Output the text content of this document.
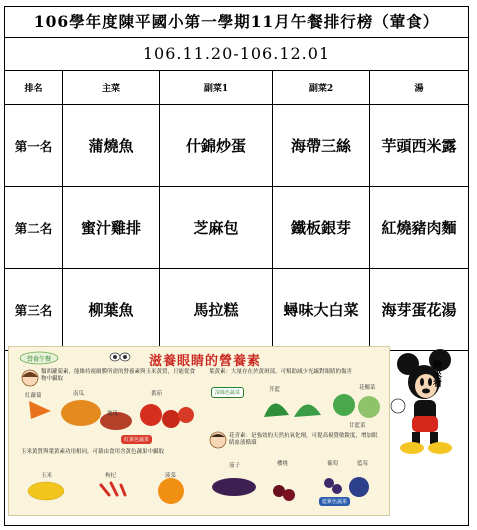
106學年度陳平國小第一學期11月午餐排行榜（葷食）
106.11.20-106.12.01
排名	主菜	副菜1	副菜2	湯
第一名	蒲燒魚	什錦炒蛋	海帶三絲	芋頭西米露
第二名	蜜汁雞排	芝麻包	鐵板銀芽	紅燒豬肉麵
第三名	柳葉魚	馬拉糕	蟳味大白菜	海芽蛋花湯
營養午餐	滋養眼睛的營養素
類胡蘿蔔素，能維持視網膜所需的營養素與玉米黃質，只能從食物中攝取
紅蘿蔔	南瓜	番茄
地瓜
紅黃色蔬果
玉米黃質與葉黃素功用相同，可藉由食用含黃色蔬果中攝取
玉米	枸杞	菠菜
葉黃素：大量存在於黃斑部，可幫助減少光線對眼睛的傷害
深綠色蔬菜	芥藍	花椰菜
甘藍菜
花青素：是強效的天然抗氧化劑，可提高視覺敏銳度，增加眼睛血液循環
茄子	櫻桃	葡萄	藍莓
藍紫色蔬果
快來看
